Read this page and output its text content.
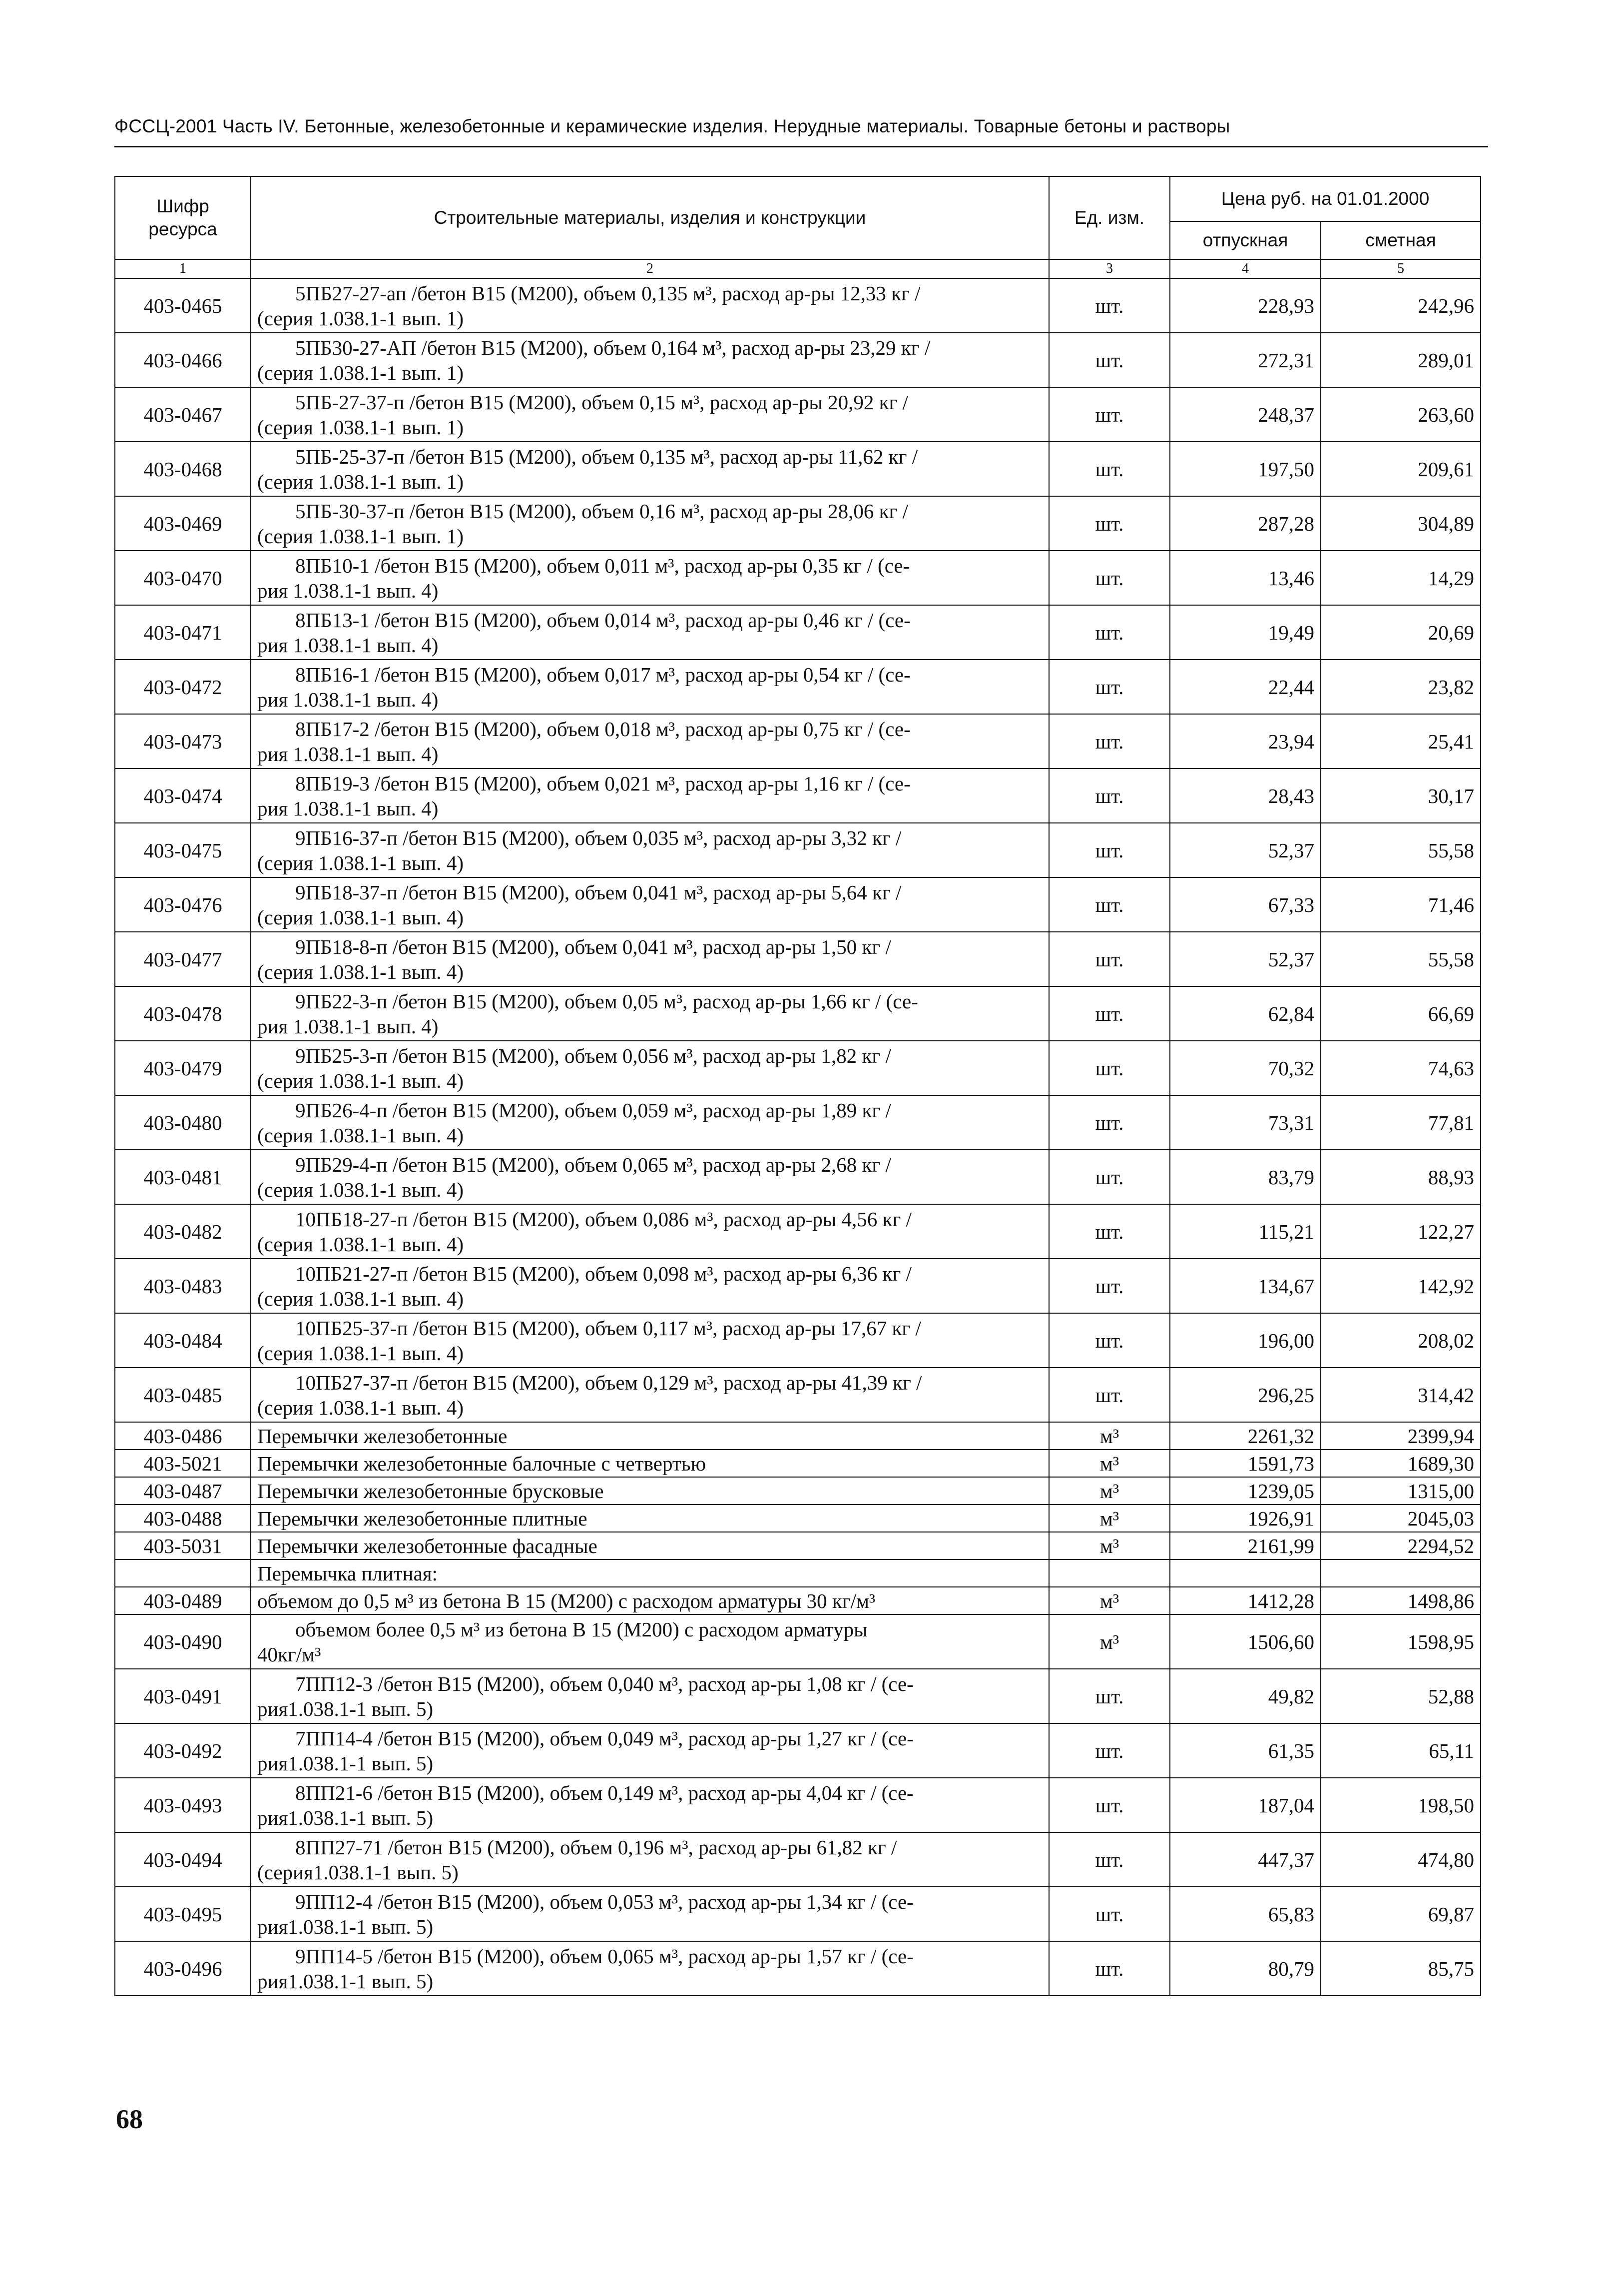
ФССЦ-2001 Часть IV. Бетонные, железобетонные и керамические изделия. Нерудные материалы. Товарные бетоны и растворы
Шифр ресурса	Строительные материалы, изделия и конструкции	Ед. изм.	Цена руб. на 01.01.2000	
			отпускная	сметная
1	2	3	4	5
403-0465	5ПБ27-27-ап /бетон В15 (М200), объем 0,135 м³, расход ар-ры 12,33 кг /
(серия 1.038.1-1 вып. 1)	шт.	228,93	242,96
403-0466	5ПБ30-27-АП /бетон В15 (М200), объем 0,164 м³, расход ар-ры 23,29 кг /
(серия 1.038.1-1 вып. 1)	шт.	272,31	289,01
403-0467	5ПБ-27-37-п /бетон В15 (М200), объем 0,15 м³, расход ар-ры 20,92 кг /
(серия 1.038.1-1 вып. 1)	шт.	248,37	263,60
403-0468	5ПБ-25-37-п /бетон В15 (М200), объем 0,135 м³, расход ар-ры 11,62 кг /
(серия 1.038.1-1 вып. 1)	шт.	197,50	209,61
403-0469	5ПБ-30-37-п /бетон В15 (М200), объем 0,16 м³, расход ар-ры 28,06 кг /
(серия 1.038.1-1 вып. 1)	шт.	287,28	304,89
403-0470	8ПБ10-1 /бетон В15 (М200), объем 0,011 м³, расход ар-ры 0,35 кг / (се-
рия 1.038.1-1 вып. 4)	шт.	13,46	14,29
403-0471	8ПБ13-1 /бетон В15 (М200), объем 0,014 м³, расход ар-ры 0,46 кг / (се-
рия 1.038.1-1 вып. 4)	шт.	19,49	20,69
403-0472	8ПБ16-1 /бетон В15 (М200), объем 0,017 м³, расход ар-ры 0,54 кг / (се-
рия 1.038.1-1 вып. 4)	шт.	22,44	23,82
403-0473	8ПБ17-2 /бетон В15 (М200), объем 0,018 м³, расход ар-ры 0,75 кг / (се-
рия 1.038.1-1 вып. 4)	шт.	23,94	25,41
403-0474	8ПБ19-3 /бетон В15 (М200), объем 0,021 м³, расход ар-ры 1,16 кг / (се-
рия 1.038.1-1 вып. 4)	шт.	28,43	30,17
403-0475	9ПБ16-37-п /бетон В15 (М200), объем 0,035 м³, расход ар-ры 3,32 кг /
(серия 1.038.1-1 вып. 4)	шт.	52,37	55,58
403-0476	9ПБ18-37-п /бетон В15 (М200), объем 0,041 м³, расход ар-ры 5,64 кг /
(серия 1.038.1-1 вып. 4)	шт.	67,33	71,46
403-0477	9ПБ18-8-п /бетон В15 (М200), объем 0,041 м³, расход ар-ры 1,50 кг /
(серия 1.038.1-1 вып. 4)	шт.	52,37	55,58
403-0478	9ПБ22-3-п /бетон В15 (М200), объем 0,05 м³, расход ар-ры 1,66 кг / (се-
рия 1.038.1-1 вып. 4)	шт.	62,84	66,69
403-0479	9ПБ25-3-п /бетон В15 (М200), объем 0,056 м³, расход ар-ры 1,82 кг /
(серия 1.038.1-1 вып. 4)	шт.	70,32	74,63
403-0480	9ПБ26-4-п /бетон В15 (М200), объем 0,059 м³, расход ар-ры 1,89 кг /
(серия 1.038.1-1 вып. 4)	шт.	73,31	77,81
403-0481	9ПБ29-4-п /бетон В15 (М200), объем 0,065 м³, расход ар-ры 2,68 кг /
(серия 1.038.1-1 вып. 4)	шт.	83,79	88,93
403-0482	10ПБ18-27-п /бетон В15 (М200), объем 0,086 м³, расход ар-ры 4,56 кг /
(серия 1.038.1-1 вып. 4)	шт.	115,21	122,27
403-0483	10ПБ21-27-п /бетон В15 (М200), объем 0,098 м³, расход ар-ры 6,36 кг /
(серия 1.038.1-1 вып. 4)	шт.	134,67	142,92
403-0484	10ПБ25-37-п /бетон В15 (М200), объем 0,117 м³, расход ар-ры 17,67 кг /
(серия 1.038.1-1 вып. 4)	шт.	196,00	208,02
403-0485	10ПБ27-37-п /бетон В15 (М200), объем 0,129 м³, расход ар-ры 41,39 кг /
(серия 1.038.1-1 вып. 4)	шт.	296,25	314,42
403-0486	Перемычки железобетонные	м³	2261,32	2399,94
403-5021	Перемычки железобетонные балочные с четвертью	м³	1591,73	1689,30
403-0487	Перемычки железобетонные брусковые	м³	1239,05	1315,00
403-0488	Перемычки железобетонные плитные	м³	1926,91	2045,03
403-5031	Перемычки железобетонные фасадные	м³	2161,99	2294,52
	Перемычка плитная:			
403-0489	объемом до 0,5 м³ из бетона В 15 (М200) с расходом арматуры 30 кг/м³	м³	1412,28	1498,86
403-0490	объемом более 0,5 м³ из бетона В 15 (М200) с расходом арматуры
40кг/м³	м³	1506,60	1598,95
403-0491	7ПП12-3 /бетон В15 (М200), объем 0,040 м³, расход ар-ры 1,08 кг / (се-
рия1.038.1-1 вып. 5)	шт.	49,82	52,88
403-0492	7ПП14-4 /бетон В15 (М200), объем 0,049 м³, расход ар-ры 1,27 кг / (се-
рия1.038.1-1 вып. 5)	шт.	61,35	65,11
403-0493	8ПП21-6 /бетон В15 (М200), объем 0,149 м³, расход ар-ры 4,04 кг / (се-
рия1.038.1-1 вып. 5)	шт.	187,04	198,50
403-0494	8ПП27-71 /бетон В15 (М200), объем 0,196 м³, расход ар-ры 61,82 кг /
(серия1.038.1-1 вып. 5)	шт.	447,37	474,80
403-0495	9ПП12-4 /бетон В15 (М200), объем 0,053 м³, расход ар-ры 1,34 кг / (се-
рия1.038.1-1 вып. 5)	шт.	65,83	69,87
403-0496	9ПП14-5 /бетон В15 (М200), объем 0,065 м³, расход ар-ры 1,57 кг / (се-
рия1.038.1-1 вып. 5)	шт.	80,79	85,75
68
